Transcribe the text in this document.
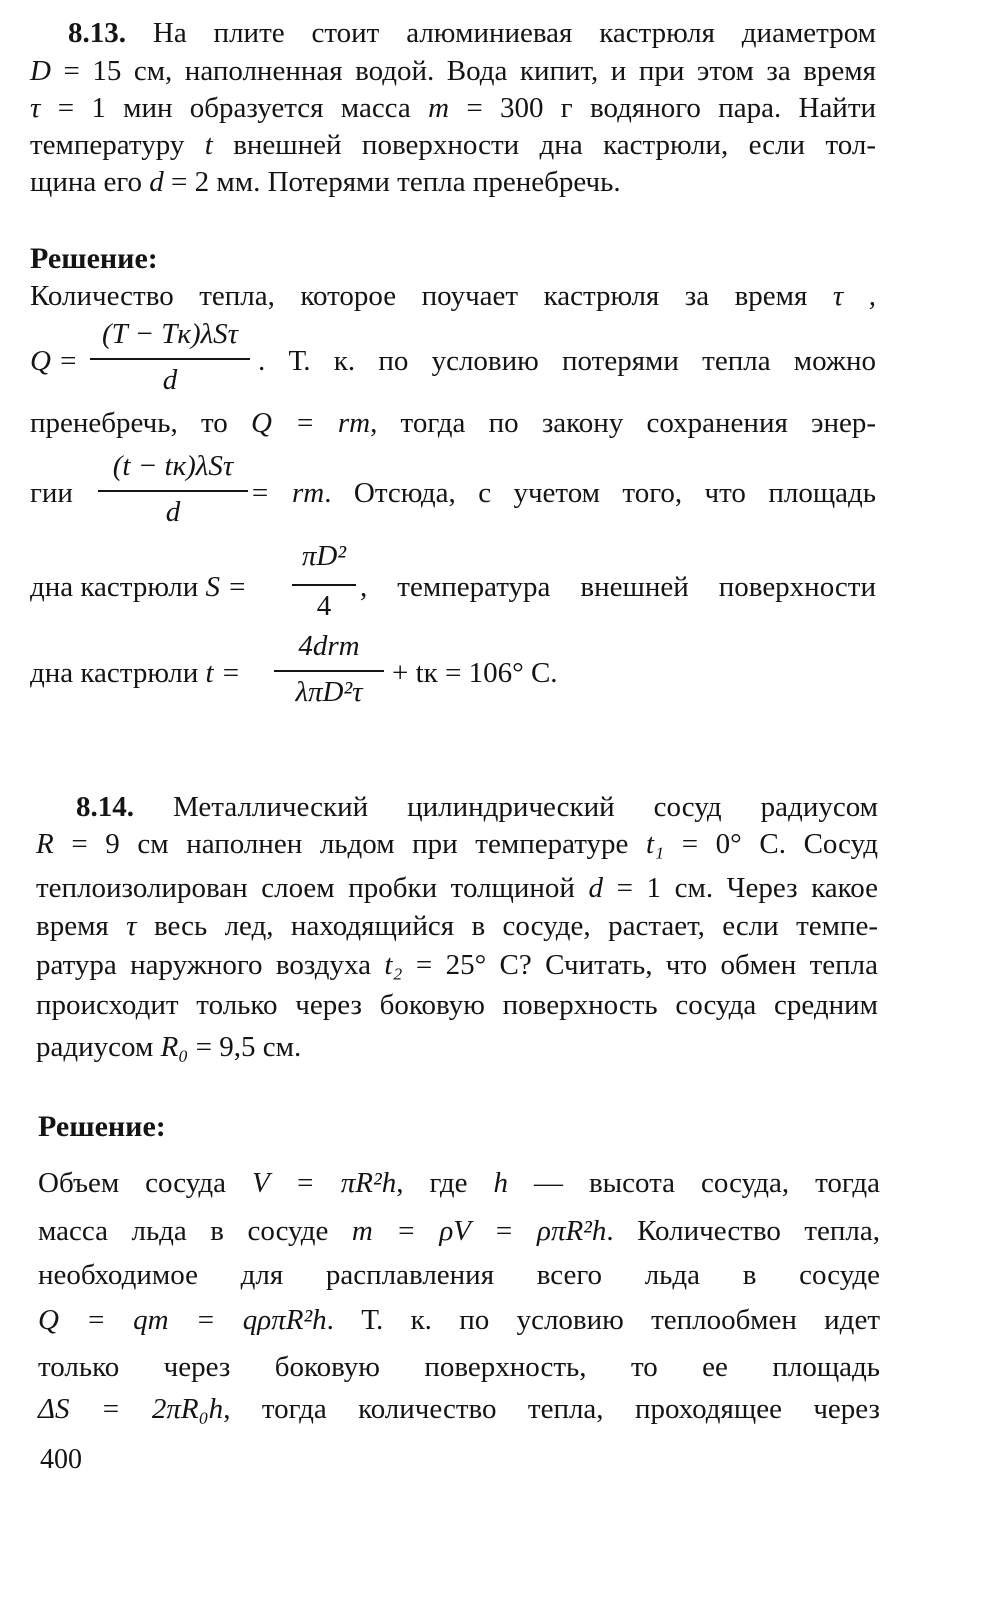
8.13. На плите стоит алюминиевая кастрюля диаметром
D = 15 см, наполненная водой. Вода кипит, и при этом за время
τ = 1 мин образуется масса m = 300 г водяного пара. Найти
температуру t внешней поверхности дна кастрюли, если тол-
щина его d = 2 мм. Потерями тепла пренебречь.
Решение:
Количество тепла, которое поучает кастрюля за время τ ,
Q =
(T − Tк)λSτ
d
. Т. к. по условию потерями тепла можно
пренебречь, то Q = rm, тогда по закону сохранения энер-
гии
(t − tк)λSτ
d
= rm. Отсюда, с учетом того, что площадь
дна кастрюли S =
πD²
4
, температура внешней поверхности
дна кастрюли t =
4drm
λπD²τ
+ tк = 106° С.
8.14. Металлический цилиндрический сосуд радиусом
R = 9 см наполнен льдом при температуре t₁ = 0° С. Сосуд
теплоизолирован слоем пробки толщиной d = 1 см. Через какое
время τ весь лед, находящийся в сосуде, растает, если темпе-
ратура наружного воздуха t₂ = 25° С? Считать, что обмен тепла
происходит только через боковую поверхность сосуда средним
радиусом R₀ = 9,5 см.
Решение:
Объем сосуда V = πR²h, где h — высота сосуда, тогда
масса льда в сосуде m = ρV = ρπR²h. Количество тепла,
необходимое для расплавления всего льда в сосуде
Q = qm = qρπR²h. Т. к. по условию теплообмен идет
только через боковую поверхность, то ее площадь
ΔS = 2πR₀h, тогда количество тепла, проходящее через
400
